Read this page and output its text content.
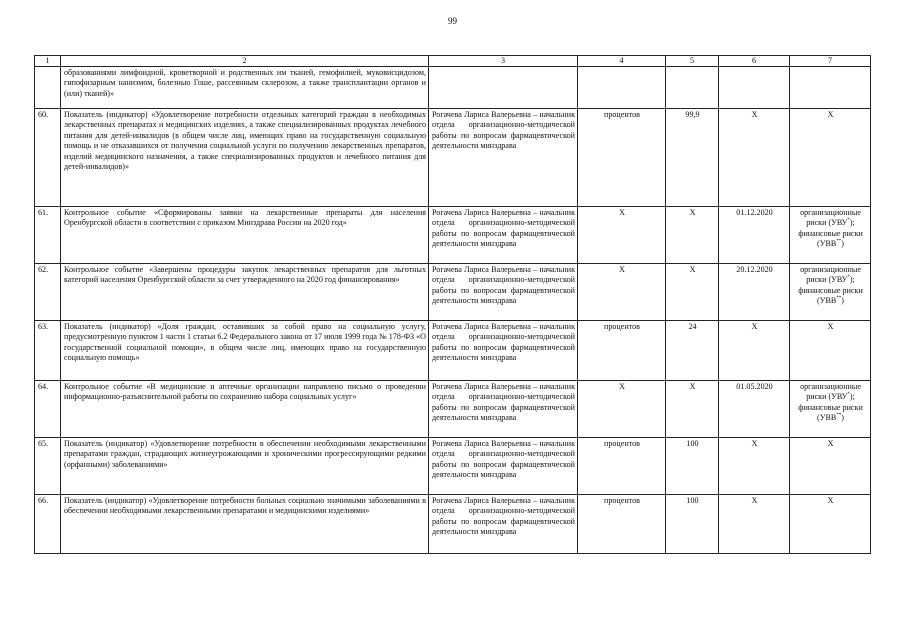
99
1	2	3	4	5	6	7
	образованиями лимфоидной, кроветворной и родственных им тканей, гемофилией, муковисцидозом, гипофизарным нанизмом, болезнью Гоше, рассеянным склерозом, а также трансплантации органов и (или) тканей)»					
60.	Показатель (индикатор) «Удовлетворение потребности отдельных категорий граждан в необходимых лекарственных препаратах и медицинских изделиях, а также специализированных продуктах лечебного питания для детей-инвалидов (в общем числе лиц, имеющих право на государственную социальную помощь и не отказавшихся от получения социальной услуги по получению лекарственных препаратов, изделий медицинского назначения, а также специализированных продуктов и лечебного питания для детей-инвалидов)»	Рогачева Лариса Валерьевна – начальник отдела организационно-методической работы по вопросам фармацевтической деятельности минздрава	процентов	99,9	X	X
61.	Контрольное событие «Сформированы заявки на лекарственные препараты для населения Оренбургской области в соответствии с приказом Минздрава России на 2020 год»	Рогачева Лариса Валерьевна – начальник отдела организационно-методической работы по вопросам фармацевтической деятельности минздрава	X	X	01.12.2020	организационные риски (УВУ*); финансовые риски (УВВ**)
62.	Контрольное событие «Завершены процедуры закупок лекарственных препаратов для льготных категорий населения Оренбургской области за счет утвержденного на 2020 год финансирования»	Рогачева Лариса Валерьевна – начальник отдела организационно-методической работы по вопросам фармацевтической деятельности минздрава	X	X	20.12.2020	организационные риски (УВУ*); финансовые риски (УВВ**)
63.	Показатель (индикатор) «Доля граждан, оставивших за собой право на социальную услугу, предусмотренную пунктом 1 части 1 статьи 6.2 Федерального закона от 17 июля 1999 года № 178-ФЗ «О государственной социальной помощи», в общем числе лиц, имеющих право на государственную социальную помощь»	Рогачева Лариса Валерьевна – начальник отдела организационно-методической работы по вопросам фармацевтической деятельности минздрава	процентов	24	X	X
64.	Контрольное событие «В медицинские и аптечные организации направлено письмо о проведении информационно-разъяснительной работы по сохранению набора социальных услуг»	Рогачева Лариса Валерьевна – начальник отдела организационно-методической работы по вопросам фармацевтической деятельности минздрава	X	X	01.05.2020	организационные риски (УВУ*); финансовые риски (УВВ**)
65.	Показатель (индикатор) «Удовлетворение потребности в обеспечении необходимыми лекарственными препаратами граждан, страдающих жизнеугрожающими и хроническими прогрессирующими редкими (орфанными) заболеваниями»	Рогачева Лариса Валерьевна – начальник отдела организационно-методической работы по вопросам фармацевтической деятельности минздрава	процентов	100	X	X
66.	Показатель (индикатор) «Удовлетворение потребности больных социально значимыми заболеваниями в обеспечении необходимыми лекарственными препаратами и медицинскими изделиями»	Рогачева Лариса Валерьевна – начальник отдела организационно-методической работы по вопросам фармацевтической деятельности минздрава	процентов	100	X	X
